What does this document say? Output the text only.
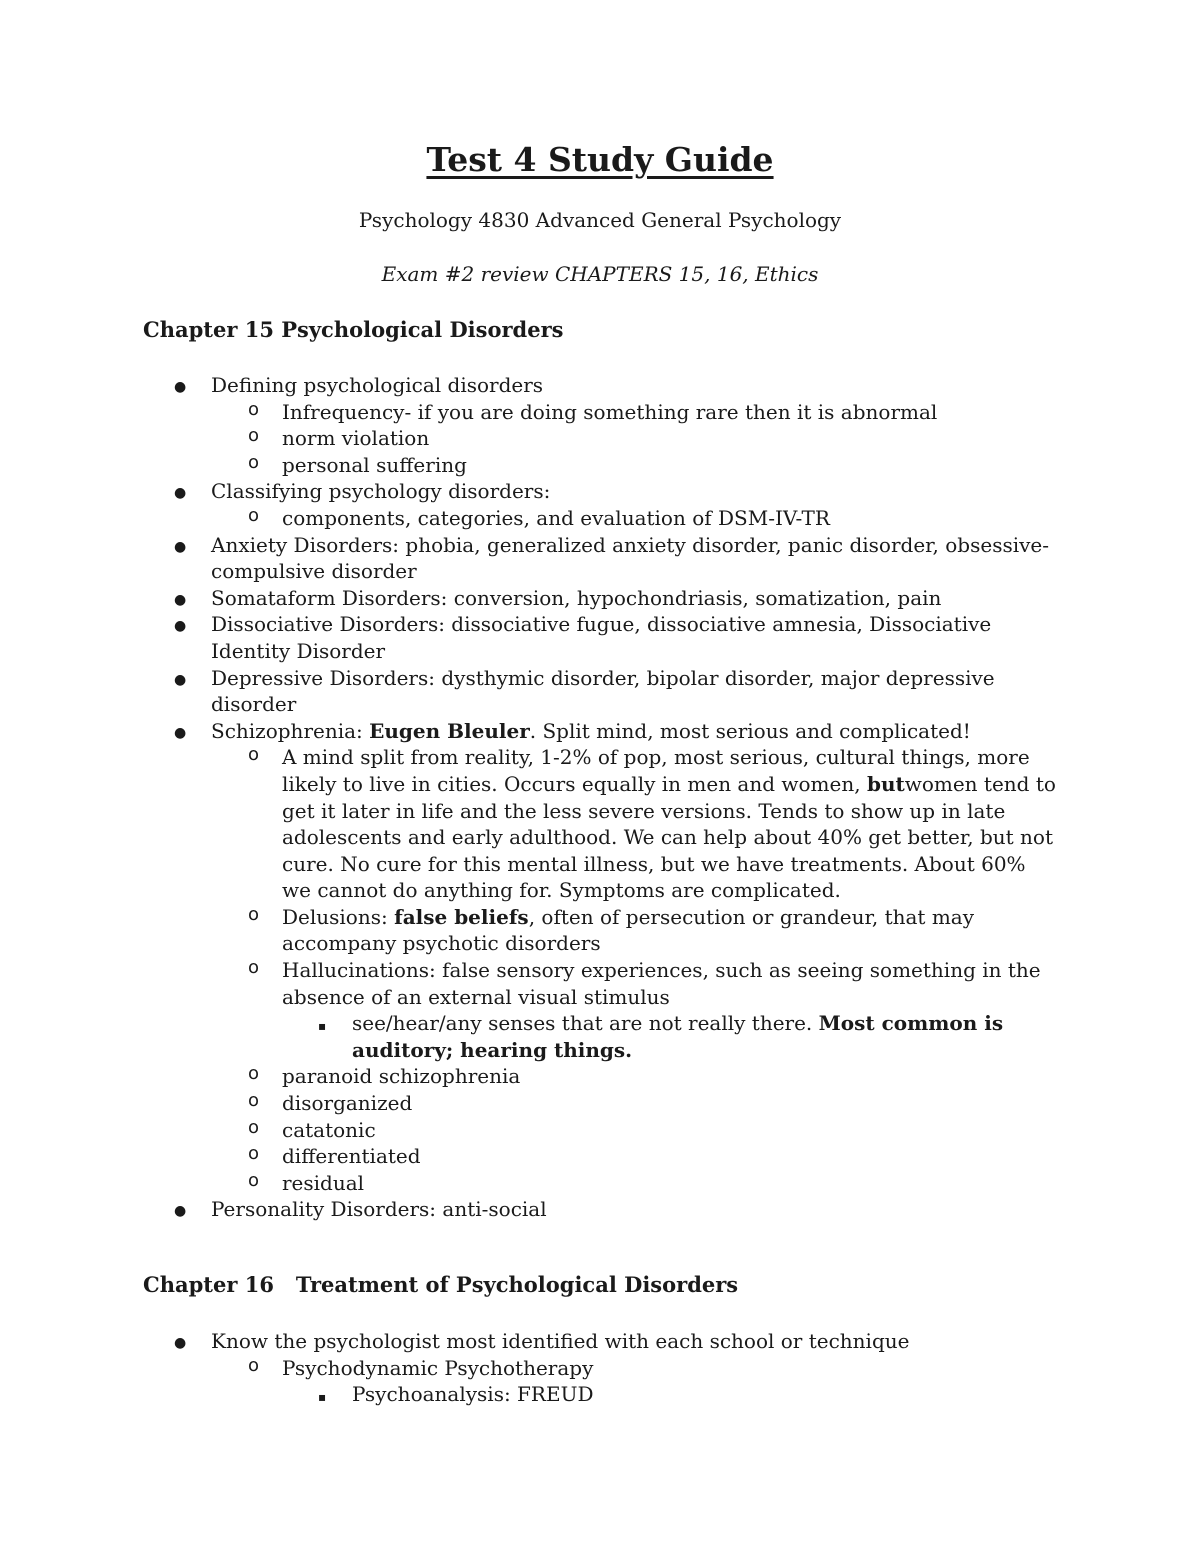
Test 4 Study Guide

Psychology 4830 Advanced General Psychology

Exam #2 review CHAPTERS 15, 16, Ethics

Chapter 15 Psychological Disorders
● Defining psychological disorders
o Infrequency- if you are doing something rare then it is abnormal
o norm violation
o personal suffering
● Classifying psychology disorders:
o components, categories, and evaluation of DSM-IV-TR
● Anxiety Disorders: phobia, generalized anxiety disorder, panic disorder, obsessive-compulsive disorder
● Somataform Disorders: conversion, hypochondriasis, somatization, pain
● Dissociative Disorders: dissociative fugue, dissociative amnesia, Dissociative Identity Disorder
● Depressive Disorders: dysthymic disorder, bipolar disorder, major depressive disorder
● Schizophrenia: Eugen Bleuler. Split mind, most serious and complicated!
o A mind split from reality, 1-2% of pop, most serious, cultural things, more likely to live in cities. Occurs equally in men and women, butwomen tend to get it later in life and the less severe versions. Tends to show up in late adolescents and early adulthood. We can help about 40% get better, but not cure. No cure for this mental illness, but we have treatments. About 60% we cannot do anything for. Symptoms are complicated.
o Delusions: false beliefs, often of persecution or grandeur, that may accompany psychotic disorders
o Hallucinations: false sensory experiences, such as seeing something in the absence of an external visual stimulus
▪ see/hear/any senses that are not really there. Most common is auditory; hearing things.
o paranoid schizophrenia
o disorganized
o catatonic
o differentiated
o residual
● Personality Disorders: anti-social
Chapter 16   Treatment of Psychological Disorders
● Know the psychologist most identified with each school or technique
o Psychodynamic Psychotherapy
▪ Psychoanalysis: FREUD
